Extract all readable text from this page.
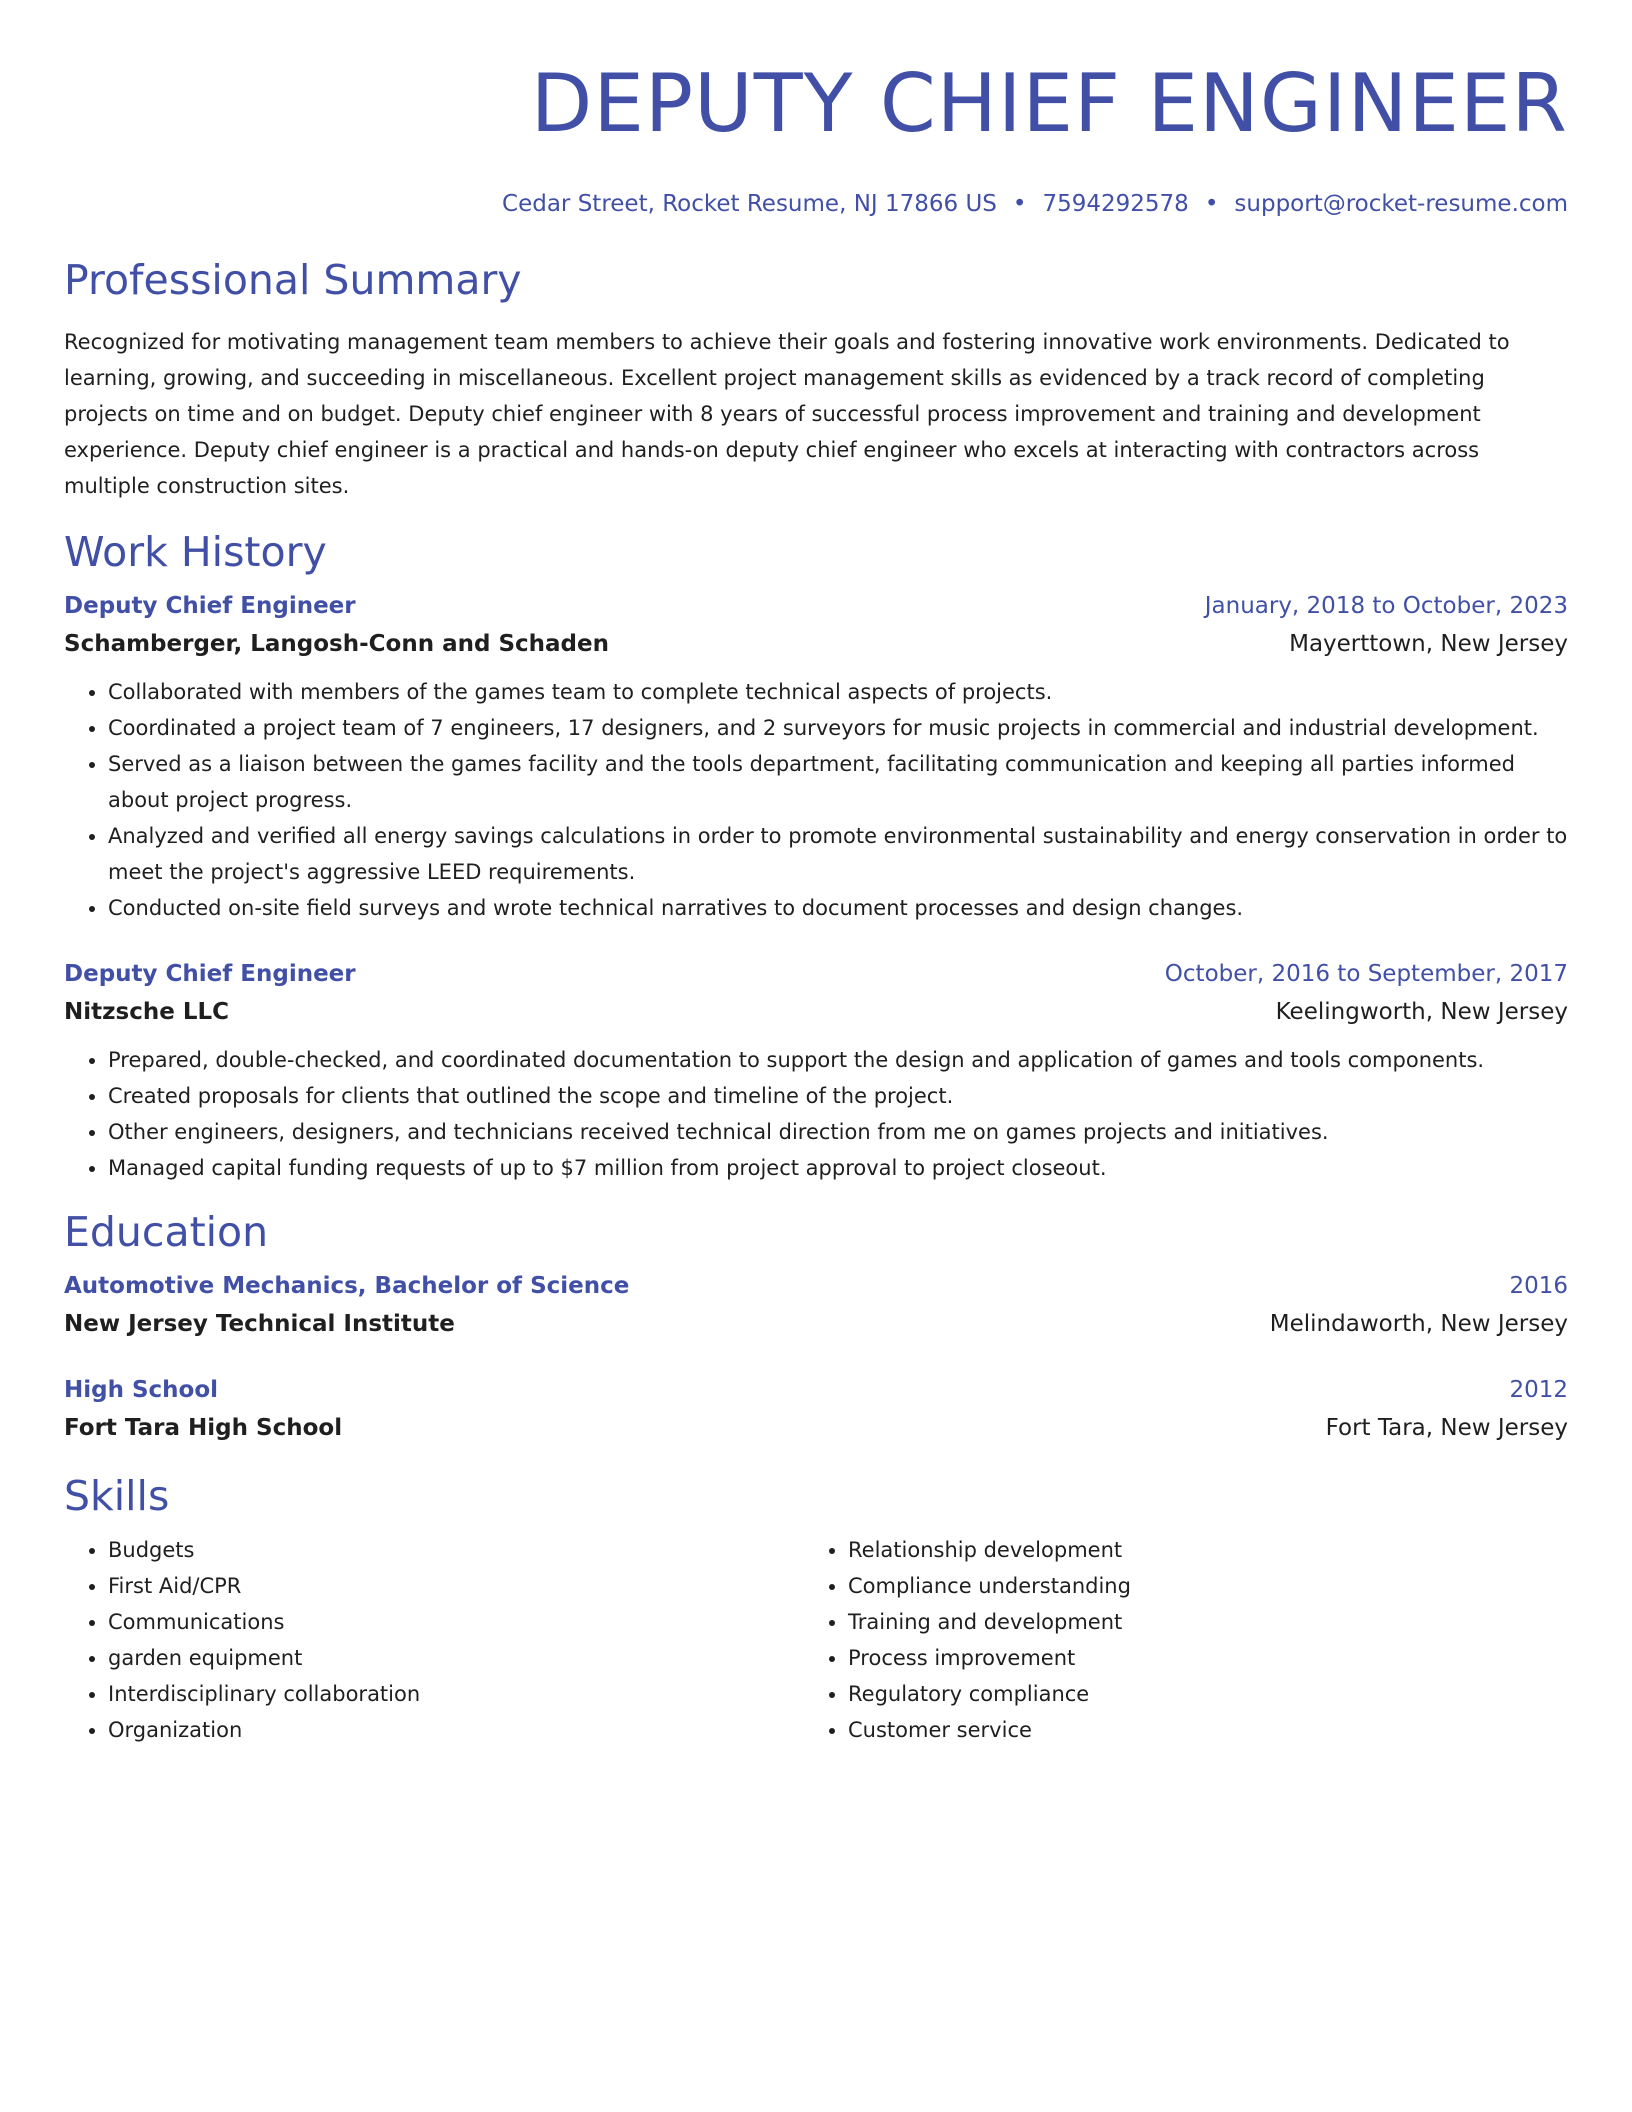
DEPUTY CHIEF ENGINEER
Cedar Street, Rocket Resume, NJ 17866 US • 7594292578 • support@rocket-resume.com
Professional Summary
Recognized for motivating management team members to achieve their goals and fostering innovative work environments. Dedicated to learning, growing, and succeeding in miscellaneous. Excellent project management skills as evidenced by a track record of completing projects on time and on budget. Deputy chief engineer with 8 years of successful process improvement and training and development experience. Deputy chief engineer is a practical and hands-on deputy chief engineer who excels at interacting with contractors across multiple construction sites.
Work History
Deputy Chief Engineer	January, 2018 to October, 2023
Schamberger, Langosh-Conn and Schaden	Mayerttown, New Jersey
• Collaborated with members of the games team to complete technical aspects of projects.
• Coordinated a project team of 7 engineers, 17 designers, and 2 surveyors for music projects in commercial and industrial development.
• Served as a liaison between the games facility and the tools department, facilitating communication and keeping all parties informed about project progress.
• Analyzed and verified all energy savings calculations in order to promote environmental sustainability and energy conservation in order to meet the project's aggressive LEED requirements.
• Conducted on-site field surveys and wrote technical narratives to document processes and design changes.
Deputy Chief Engineer	October, 2016 to September, 2017
Nitzsche LLC	Keelingworth, New Jersey
• Prepared, double-checked, and coordinated documentation to support the design and application of games and tools components.
• Created proposals for clients that outlined the scope and timeline of the project.
• Other engineers, designers, and technicians received technical direction from me on games projects and initiatives.
• Managed capital funding requests of up to $7 million from project approval to project closeout.
Education
Automotive Mechanics, Bachelor of Science	2016
New Jersey Technical Institute	Melindaworth, New Jersey
High School	2012
Fort Tara High School	Fort Tara, New Jersey
Skills
• Budgets
• First Aid/CPR
• Communications
• garden equipment
• Interdisciplinary collaboration
• Organization
• Relationship development
• Compliance understanding
• Training and development
• Process improvement
• Regulatory compliance
• Customer service
